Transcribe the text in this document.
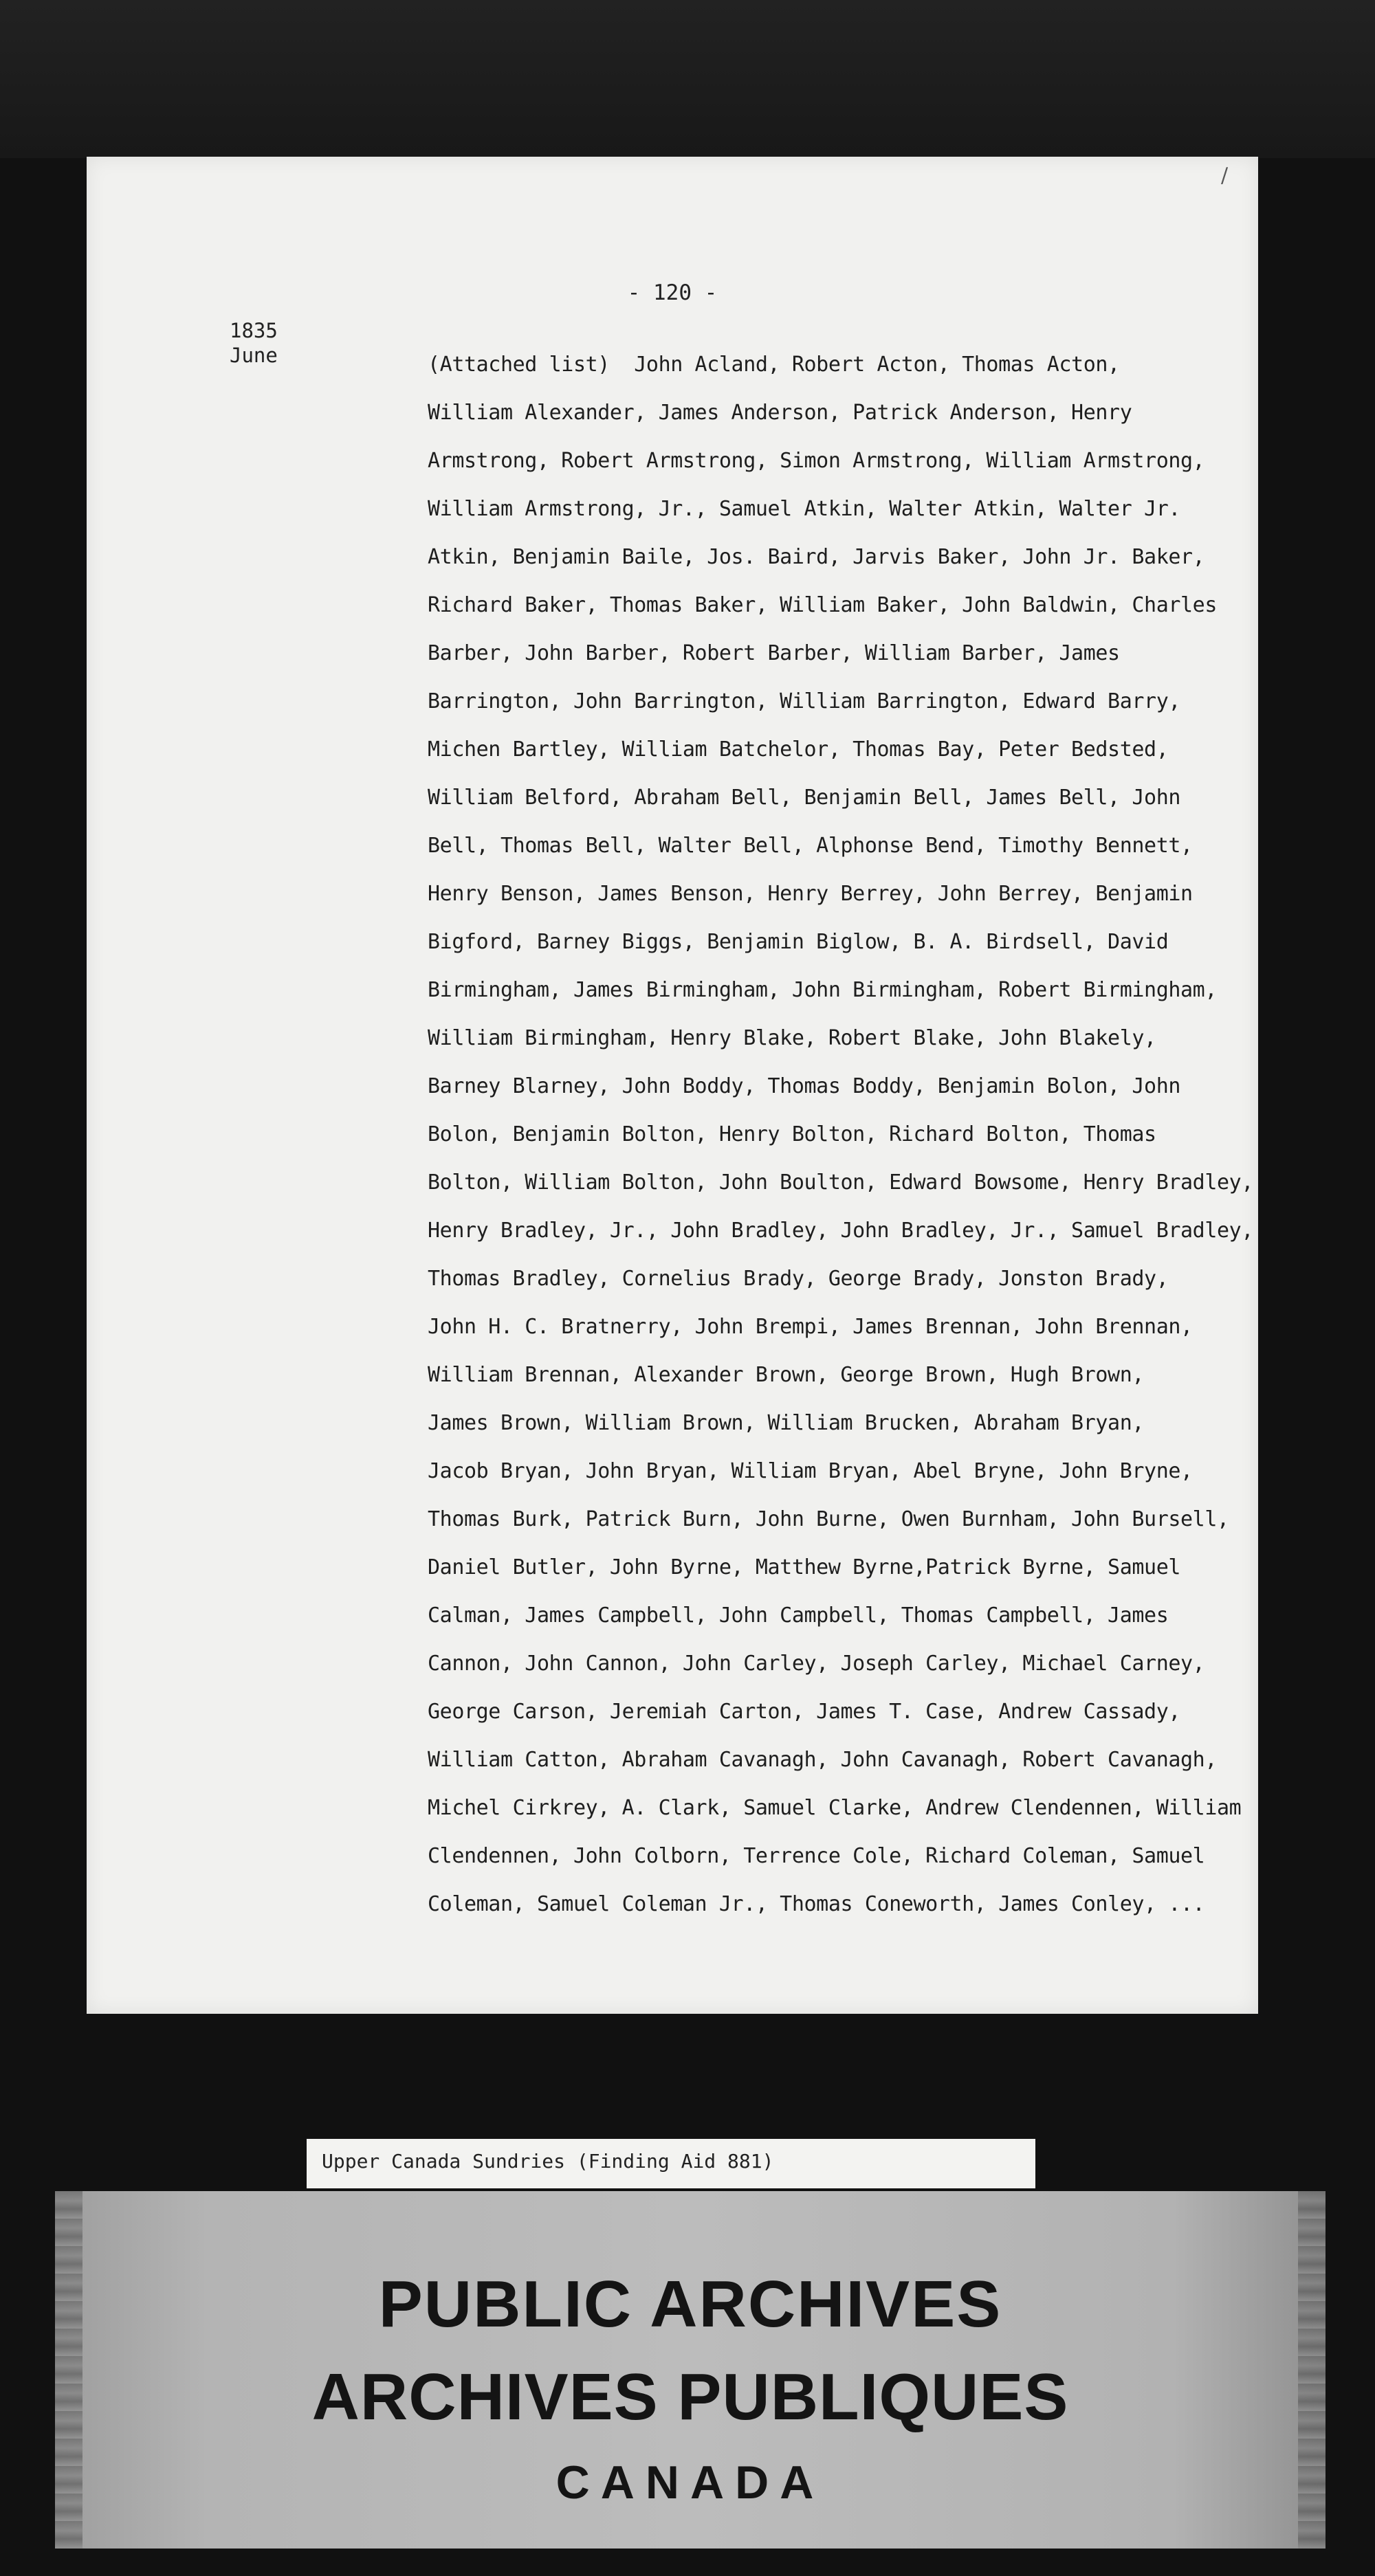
/
- 120 -
1835
June	(Attached list)  John Acland, Robert Acton, Thomas Acton,
William Alexander, James Anderson, Patrick Anderson, Henry
Armstrong, Robert Armstrong, Simon Armstrong, William Armstrong,
William Armstrong, Jr., Samuel Atkin, Walter Atkin, Walter Jr.
Atkin, Benjamin Baile, Jos. Baird, Jarvis Baker, John Jr. Baker,
Richard Baker, Thomas Baker, William Baker, John Baldwin, Charles
Barber, John Barber, Robert Barber, William Barber, James
Barrington, John Barrington, William Barrington, Edward Barry,
Michen Bartley, William Batchelor, Thomas Bay, Peter Bedsted,
William Belford, Abraham Bell, Benjamin Bell, James Bell, John
Bell, Thomas Bell, Walter Bell, Alphonse Bend, Timothy Bennett,
Henry Benson, James Benson, Henry Berrey, John Berrey, Benjamin
Bigford, Barney Biggs, Benjamin Biglow, B. A. Birdsell, David
Birmingham, James Birmingham, John Birmingham, Robert Birmingham,
William Birmingham, Henry Blake, Robert Blake, John Blakely,
Barney Blarney, John Boddy, Thomas Boddy, Benjamin Bolon, John
Bolon, Benjamin Bolton, Henry Bolton, Richard Bolton, Thomas
Bolton, William Bolton, John Boulton, Edward Bowsome, Henry Bradley,
Henry Bradley, Jr., John Bradley, John Bradley, Jr., Samuel Bradley,
Thomas Bradley, Cornelius Brady, George Brady, Jonston Brady,
John H. C. Bratnerry, John Brempi, James Brennan, John Brennan,
William Brennan, Alexander Brown, George Brown, Hugh Brown,
James Brown, William Brown, William Brucken, Abraham Bryan,
Jacob Bryan, John Bryan, William Bryan, Abel Bryne, John Bryne,
Thomas Burk, Patrick Burn, John Burne, Owen Burnham, John Bursell,
Daniel Butler, John Byrne, Matthew Byrne,Patrick Byrne, Samuel
Calman, James Campbell, John Campbell, Thomas Campbell, James
Cannon, John Cannon, John Carley, Joseph Carley, Michael Carney,
George Carson, Jeremiah Carton, James T. Case, Andrew Cassady,
William Catton, Abraham Cavanagh, John Cavanagh, Robert Cavanagh,
Michel Cirkrey, A. Clark, Samuel Clarke, Andrew Clendennen, William
Clendennen, John Colborn, Terrence Cole, Richard Coleman, Samuel
Coleman, Samuel Coleman Jr., Thomas Coneworth, James Conley, ...
Upper Canada Sundries (Finding Aid 881)
PUBLIC ARCHIVES
ARCHIVES PUBLIQUES
CANADA
